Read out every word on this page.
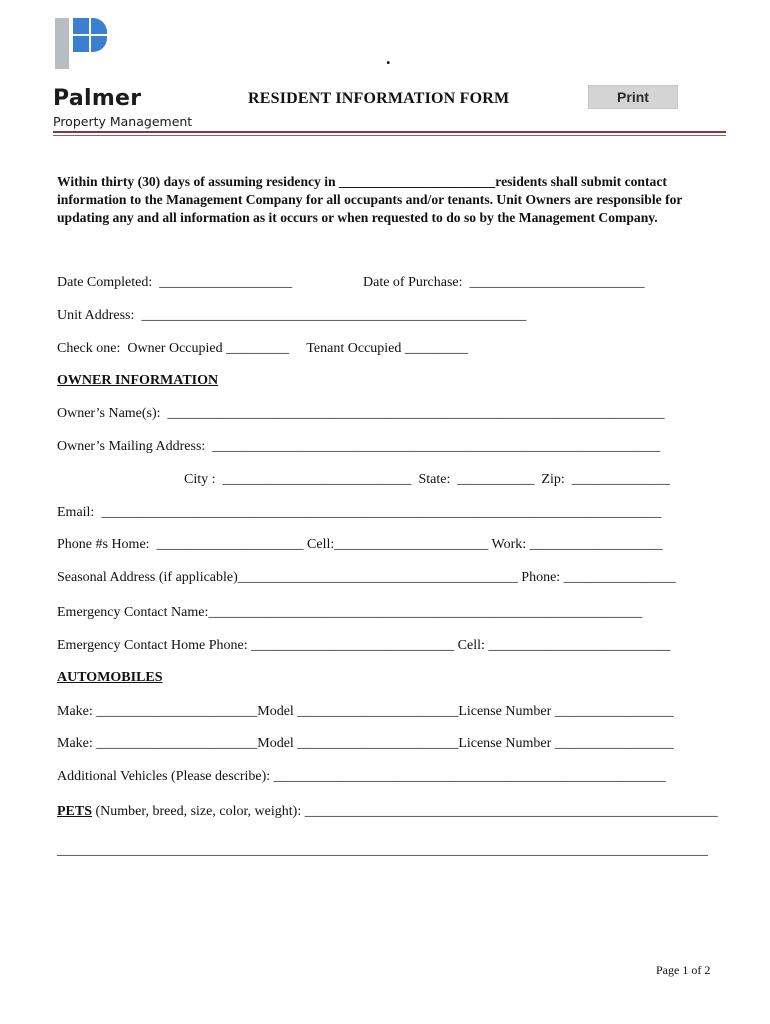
Palmer
Property Management
.
RESIDENT INFORMATION FORM	Print
Within thirty (30) days of assuming residency in _______________________residents shall submit contact information to the Management Company for all occupants and/or tenants. Unit Owners are responsible for updating any and all information as it occurs or when requested to do so by the Management Company.
Date Completed:  ___________________	Date of Purchase:  _________________________
Unit Address:  _______________________________________________________
Check one:  Owner Occupied _________     Tenant Occupied _________
OWNER INFORMATION
Owner’s Name(s):  _______________________________________________________________________
Owner’s Mailing Address:  ________________________________________________________________
City :  ___________________________  State:  ___________  Zip:  ______________
Email:  ________________________________________________________________________________
Phone #s Home:  _____________________ Cell:______________________ Work: ___________________
Seasonal Address (if applicable)________________________________________ Phone: ________________
Emergency Contact Name:______________________________________________________________
Emergency Contact Home Phone: _____________________________ Cell: __________________________
AUTOMOBILES
Make: _______________________Model _______________________License Number _________________
Make: _______________________Model _______________________License Number _________________
Additional Vehicles (Please describe): ________________________________________________________
PETS (Number, breed, size, color, weight): ___________________________________________________________
_____________________________________________________________________________________________
Page 1 of 2
